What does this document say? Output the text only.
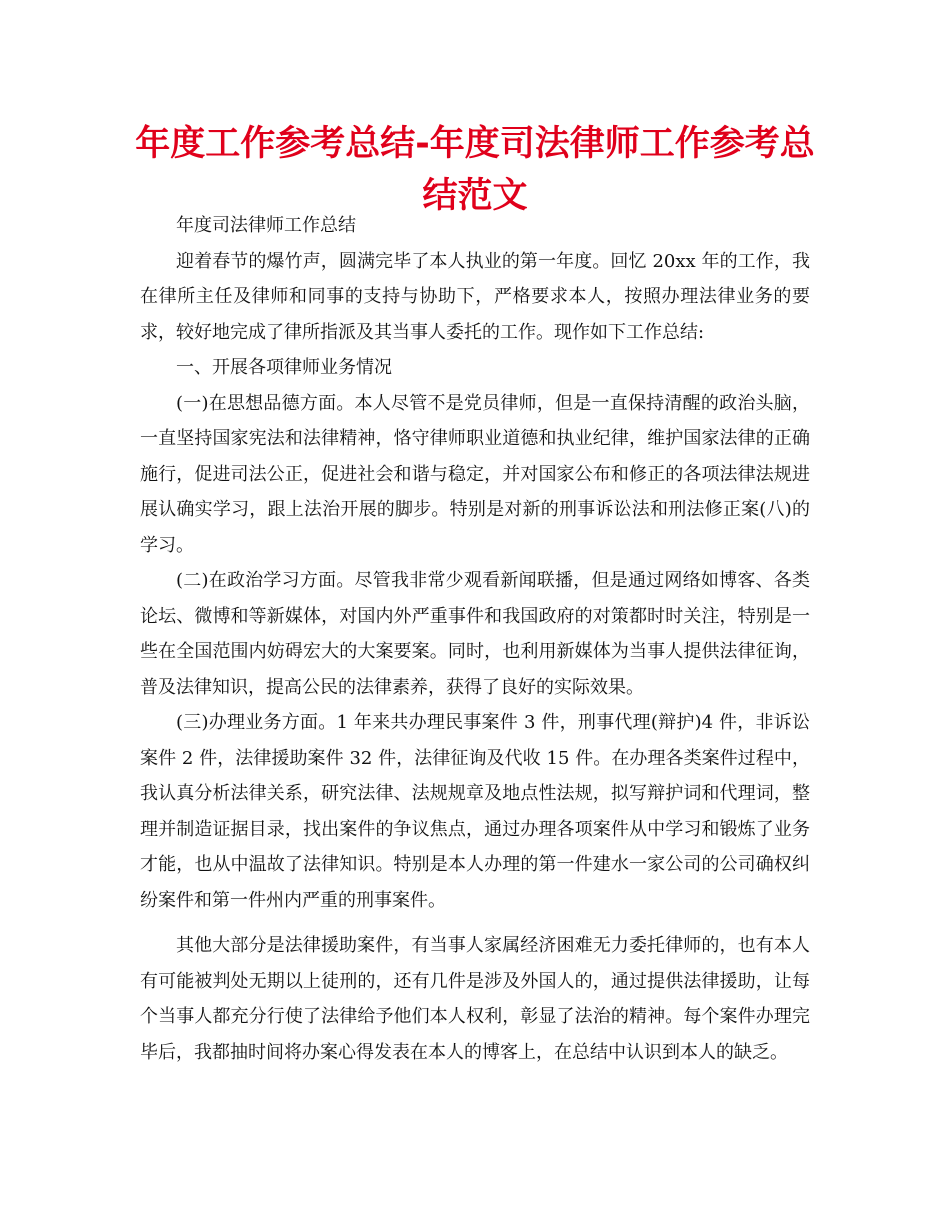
年度工作参考总结-年度司法律师工作参考总结范文

年度司法律师工作总结

迎着春节的爆竹声，圆满完毕了本人执业的第一年度。回忆 20xx 年的工作，我在律所主任及律师和同事的支持与协助下，严格要求本人，按照办理法律业务的要求，较好地完成了律所指派及其当事人委托的工作。现作如下工作总结:

一、开展各项律师业务情况

(一)在思想品德方面。本人尽管不是党员律师，但是一直保持清醒的政治头脑，一直坚持国家宪法和法律精神，恪守律师职业道德和执业纪律，维护国家法律的正确施行，促进司法公正，促进社会和谐与稳定，并对国家公布和修正的各项法律法规进展认确实学习，跟上法治开展的脚步。特别是对新的刑事诉讼法和刑法修正案(八)的学习。

(二)在政治学习方面。尽管我非常少观看新闻联播，但是通过网络如博客、各类论坛、微博和等新媒体，对国内外严重事件和我国政府的对策都时时关注，特别是一些在全国范围内妨碍宏大的大案要案。同时，也利用新媒体为当事人提供法律征询，普及法律知识，提高公民的法律素养，获得了良好的实际效果。

(三)办理业务方面。1 年来共办理民事案件 3 件，刑事代理(辩护)4 件，非诉讼案件 2 件，法律援助案件 32 件，法律征询及代收 15 件。在办理各类案件过程中，我认真分析法律关系，研究法律、法规规章及地点性法规，拟写辩护词和代理词，整理并制造证据目录，找出案件的争议焦点，通过办理各项案件从中学习和锻炼了业务才能，也从中温故了法律知识。特别是本人办理的第一件建水一家公司的公司确权纠纷案件和第一件州内严重的刑事案件。

其他大部分是法律援助案件，有当事人家属经济困难无力委托律师的，也有本人有可能被判处无期以上徒刑的，还有几件是涉及外国人的，通过提供法律援助，让每个当事人都充分行使了法律给予他们本人权利，彰显了法治的精神。每个案件办理完毕后，我都抽时间将办案心得发表在本人的博客上，在总结中认识到本人的缺乏。
